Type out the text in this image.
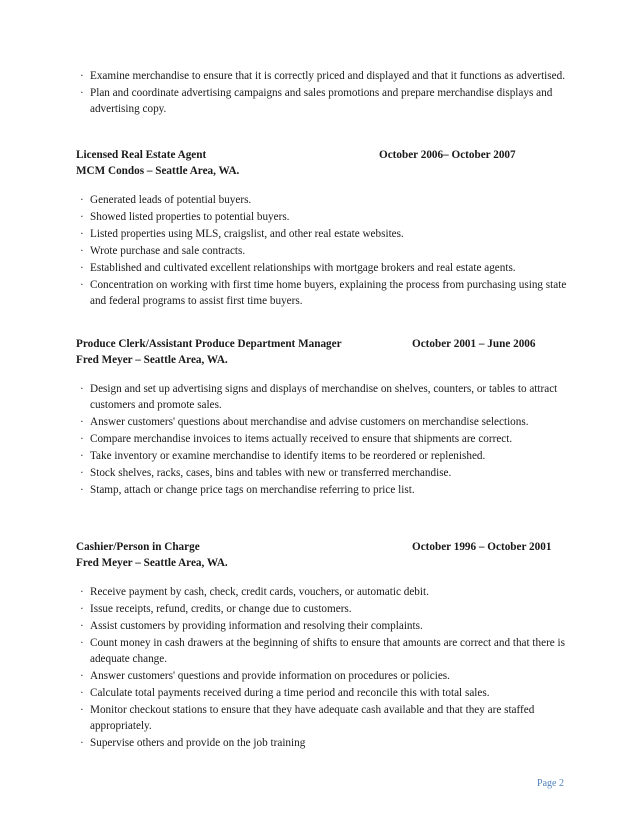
· Examine merchandise to ensure that it is correctly priced and displayed and that it functions as advertised.
· Plan and coordinate advertising campaigns and sales promotions and prepare merchandise displays and advertising copy.
Licensed Real Estate Agent	October 2006– October 2007
MCM Condos – Seattle Area, WA.
· Generated leads of potential buyers.
· Showed listed properties to potential buyers.
· Listed properties using MLS, craigslist, and other real estate websites.
· Wrote purchase and sale contracts.
· Established and cultivated excellent relationships with mortgage brokers and real estate agents.
· Concentration on working with first time home buyers, explaining the process from purchasing using state and federal programs to assist first time buyers.
Produce Clerk/Assistant Produce Department Manager	October 2001 – June 2006
Fred Meyer – Seattle Area, WA.
· Design and set up advertising signs and displays of merchandise on shelves, counters, or tables to attract customers and promote sales.
· Answer customers' questions about merchandise and advise customers on merchandise selections.
· Compare merchandise invoices to items actually received to ensure that shipments are correct.
· Take inventory or examine merchandise to identify items to be reordered or replenished.
· Stock shelves, racks, cases, bins and tables with new or transferred merchandise.
· Stamp, attach or change price tags on merchandise referring to price list.
Cashier/Person in Charge	October 1996 – October 2001
Fred Meyer – Seattle Area, WA.
· Receive payment by cash, check, credit cards, vouchers, or automatic debit.
· Issue receipts, refund, credits, or change due to customers.
· Assist customers by providing information and resolving their complaints.
· Count money in cash drawers at the beginning of shifts to ensure that amounts are correct and that there is adequate change.
· Answer customers' questions and provide information on procedures or policies.
· Calculate total payments received during a time period and reconcile this with total sales.
· Monitor checkout stations to ensure that they have adequate cash available and that they are staffed appropriately.
· Supervise others and provide on the job training
Page 2
